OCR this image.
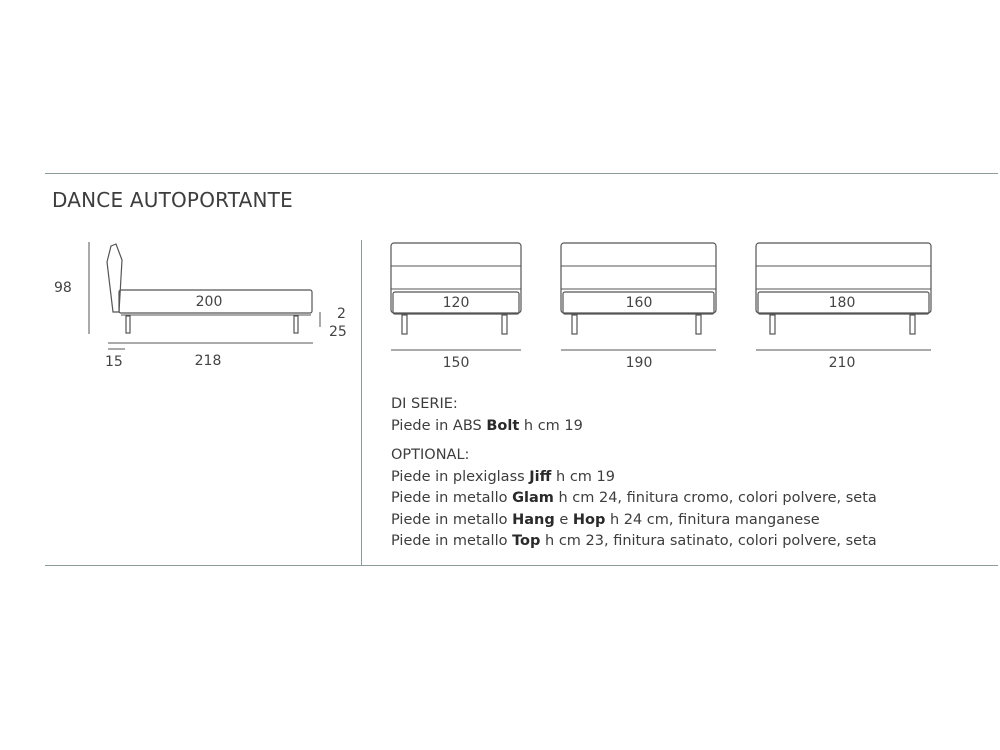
DANCE AUTOPORTANTE
98
200
2
25
15	218
120
150
160
190
180
210
DI SERIE:
Piede in ABS Bolt h cm 19
OPTIONAL:
Piede in plexiglass Jiff h cm 19
Piede in metallo Glam h cm 24, finitura cromo, colori polvere, seta
Piede in metallo Hang e Hop h 24 cm, finitura manganese
Piede in metallo Top h cm 23, finitura satinato, colori polvere, seta
